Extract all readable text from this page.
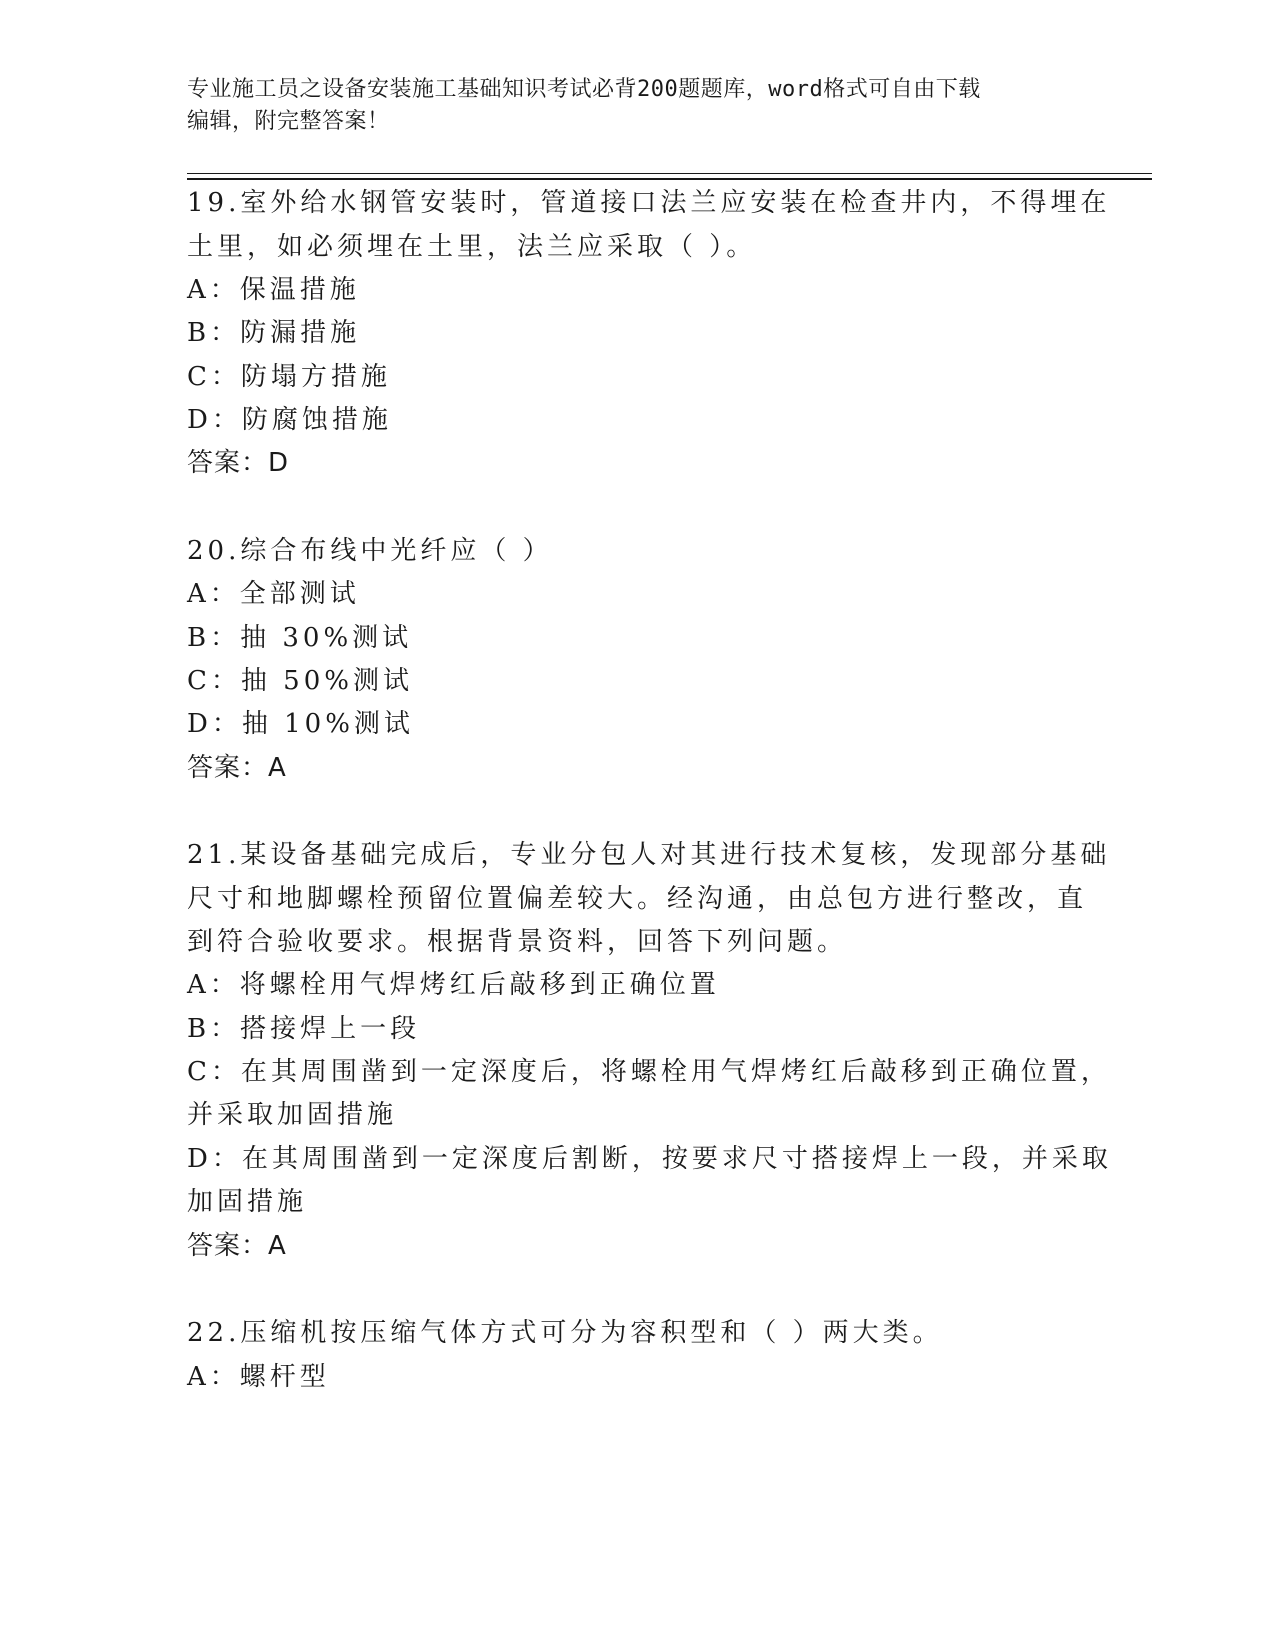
专业施工员之设备安装施工基础知识考试必背200题题库，word格式可自由下载
编辑，附完整答案！
19.室外给水钢管安装时，管道接口法兰应安装在检查井内，不得埋在
土里，如必须埋在土里，法兰应采取（ ）。
A：保温措施
B：防漏措施
C：防塌方措施
D：防腐蚀措施
答案：D
20.综合布线中光纤应（ ）
A：全部测试
B：抽 30%测试
C：抽 50%测试
D：抽 10%测试
答案：A
21.某设备基础完成后，专业分包人对其进行技术复核，发现部分基础
尺寸和地脚螺栓预留位置偏差较大。经沟通，由总包方进行整改，直
到符合验收要求。根据背景资料，回答下列问题。
A：将螺栓用气焊烤红后敲移到正确位置
B：搭接焊上一段
C：在其周围凿到一定深度后，将螺栓用气焊烤红后敲移到正确位置，
并采取加固措施
D：在其周围凿到一定深度后割断，按要求尺寸搭接焊上一段，并采取
加固措施
答案：A
22.压缩机按压缩气体方式可分为容积型和（ ）两大类。
A：螺杆型
